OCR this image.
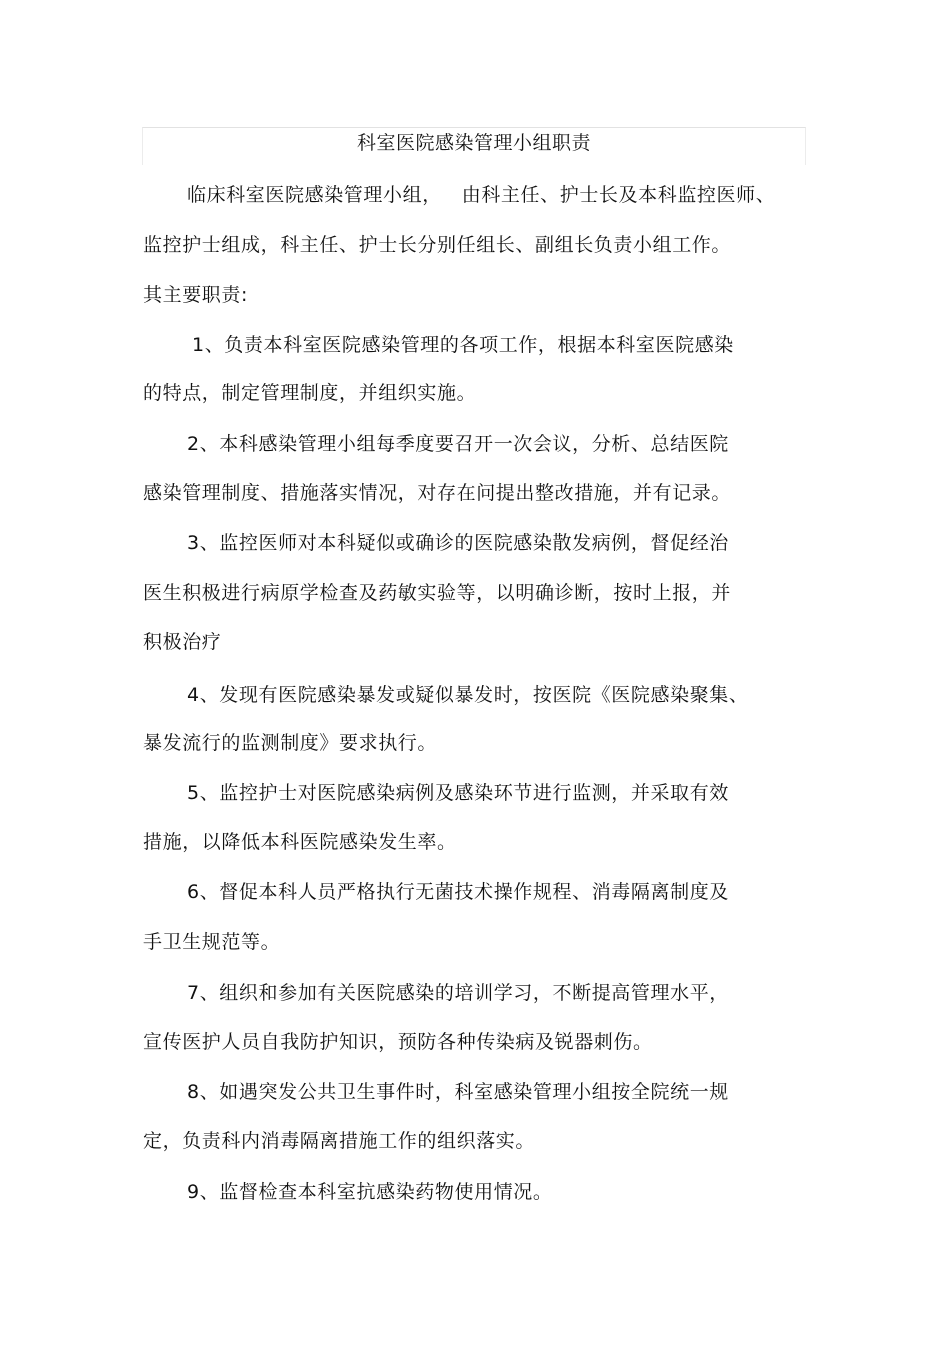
科室医院感染管理小组职责
临床科室医院感染管理小组，   由科主任、护士长及本科监控医师、
监控护士组成，科主任、护士长分别任组长、副组长负责小组工作。
其主要职责:
1、负责本科室医院感染管理的各项工作，根据本科室医院感染
的特点，制定管理制度，并组织实施。
2、本科感染管理小组每季度要召开一次会议，分析、总结医院
感染管理制度、措施落实情况，对存在问提出整改措施，并有记录。
3、监控医师对本科疑似或确诊的医院感染散发病例，督促经治
医生积极进行病原学检查及药敏实验等，以明确诊断，按时上报，并
积极治疗
4、发现有医院感染暴发或疑似暴发时，按医院《医院感染聚集、
暴发流行的监测制度》要求执行。
5、监控护士对医院感染病例及感染环节进行监测，并采取有效
措施，以降低本科医院感染发生率。
6、督促本科人员严格执行无菌技术操作规程、消毒隔离制度及
手卫生规范等。
7、组织和参加有关医院感染的培训学习，不断提高管理水平，
宣传医护人员自我防护知识，预防各种传染病及锐器刺伤。
8、如遇突发公共卫生事件时，科室感染管理小组按全院统一规
定，负责科内消毒隔离措施工作的组织落实。
9、监督检查本科室抗感染药物使用情况。
